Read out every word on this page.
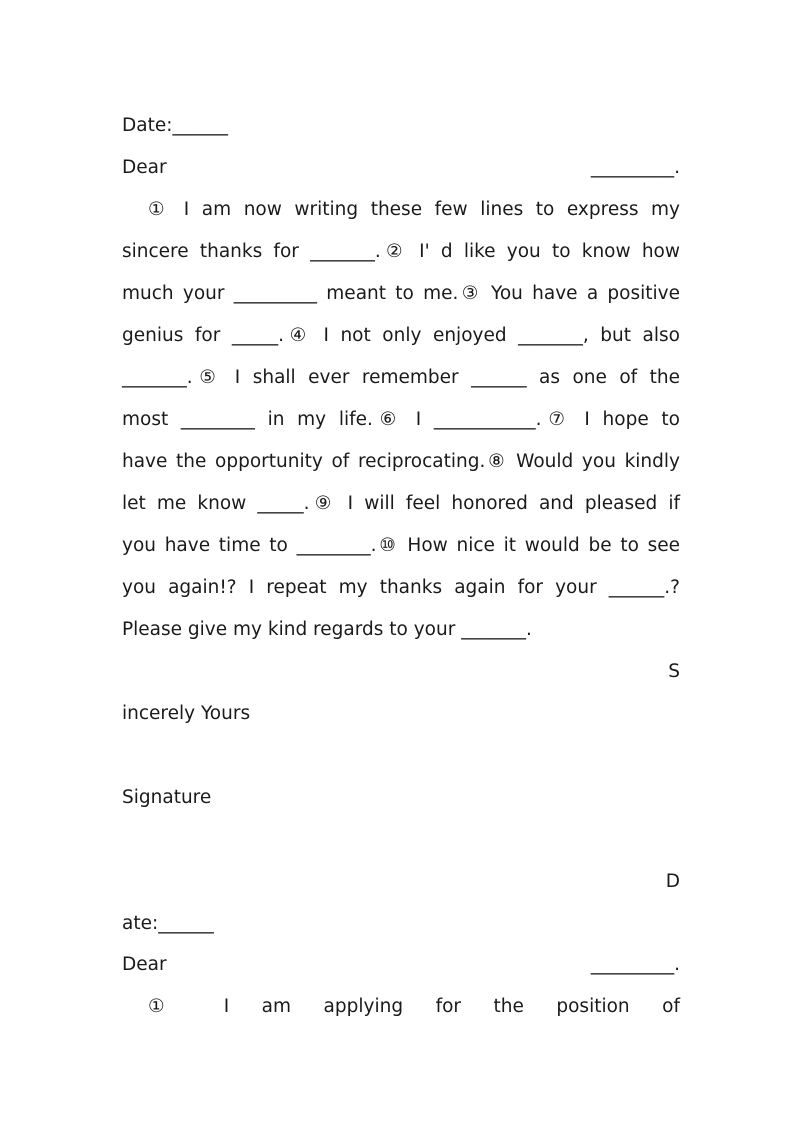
Date:______
Dear	_________.
① I am now writing these few lines to express my
sincere thanks for _______.② I' d like you to know how
much your _________ meant to me.③ You have a positive
genius for _____.④ I not only enjoyed _______, but also
_______.⑤ I shall ever remember ______ as one of the
most ________ in my life.⑥ I ___________.⑦ I hope to
have the opportunity of reciprocating.⑧ Would you kindly
let me know _____.⑨ I will feel honored and pleased if
you have time to ________.⑩ How nice it would be to see
you again!? I repeat my thanks again for your ______.?
Please give my kind regards to your _______.
S
incerely Yours
Signature
D
ate:______
Dear	_________.
① I am applying for the position of
